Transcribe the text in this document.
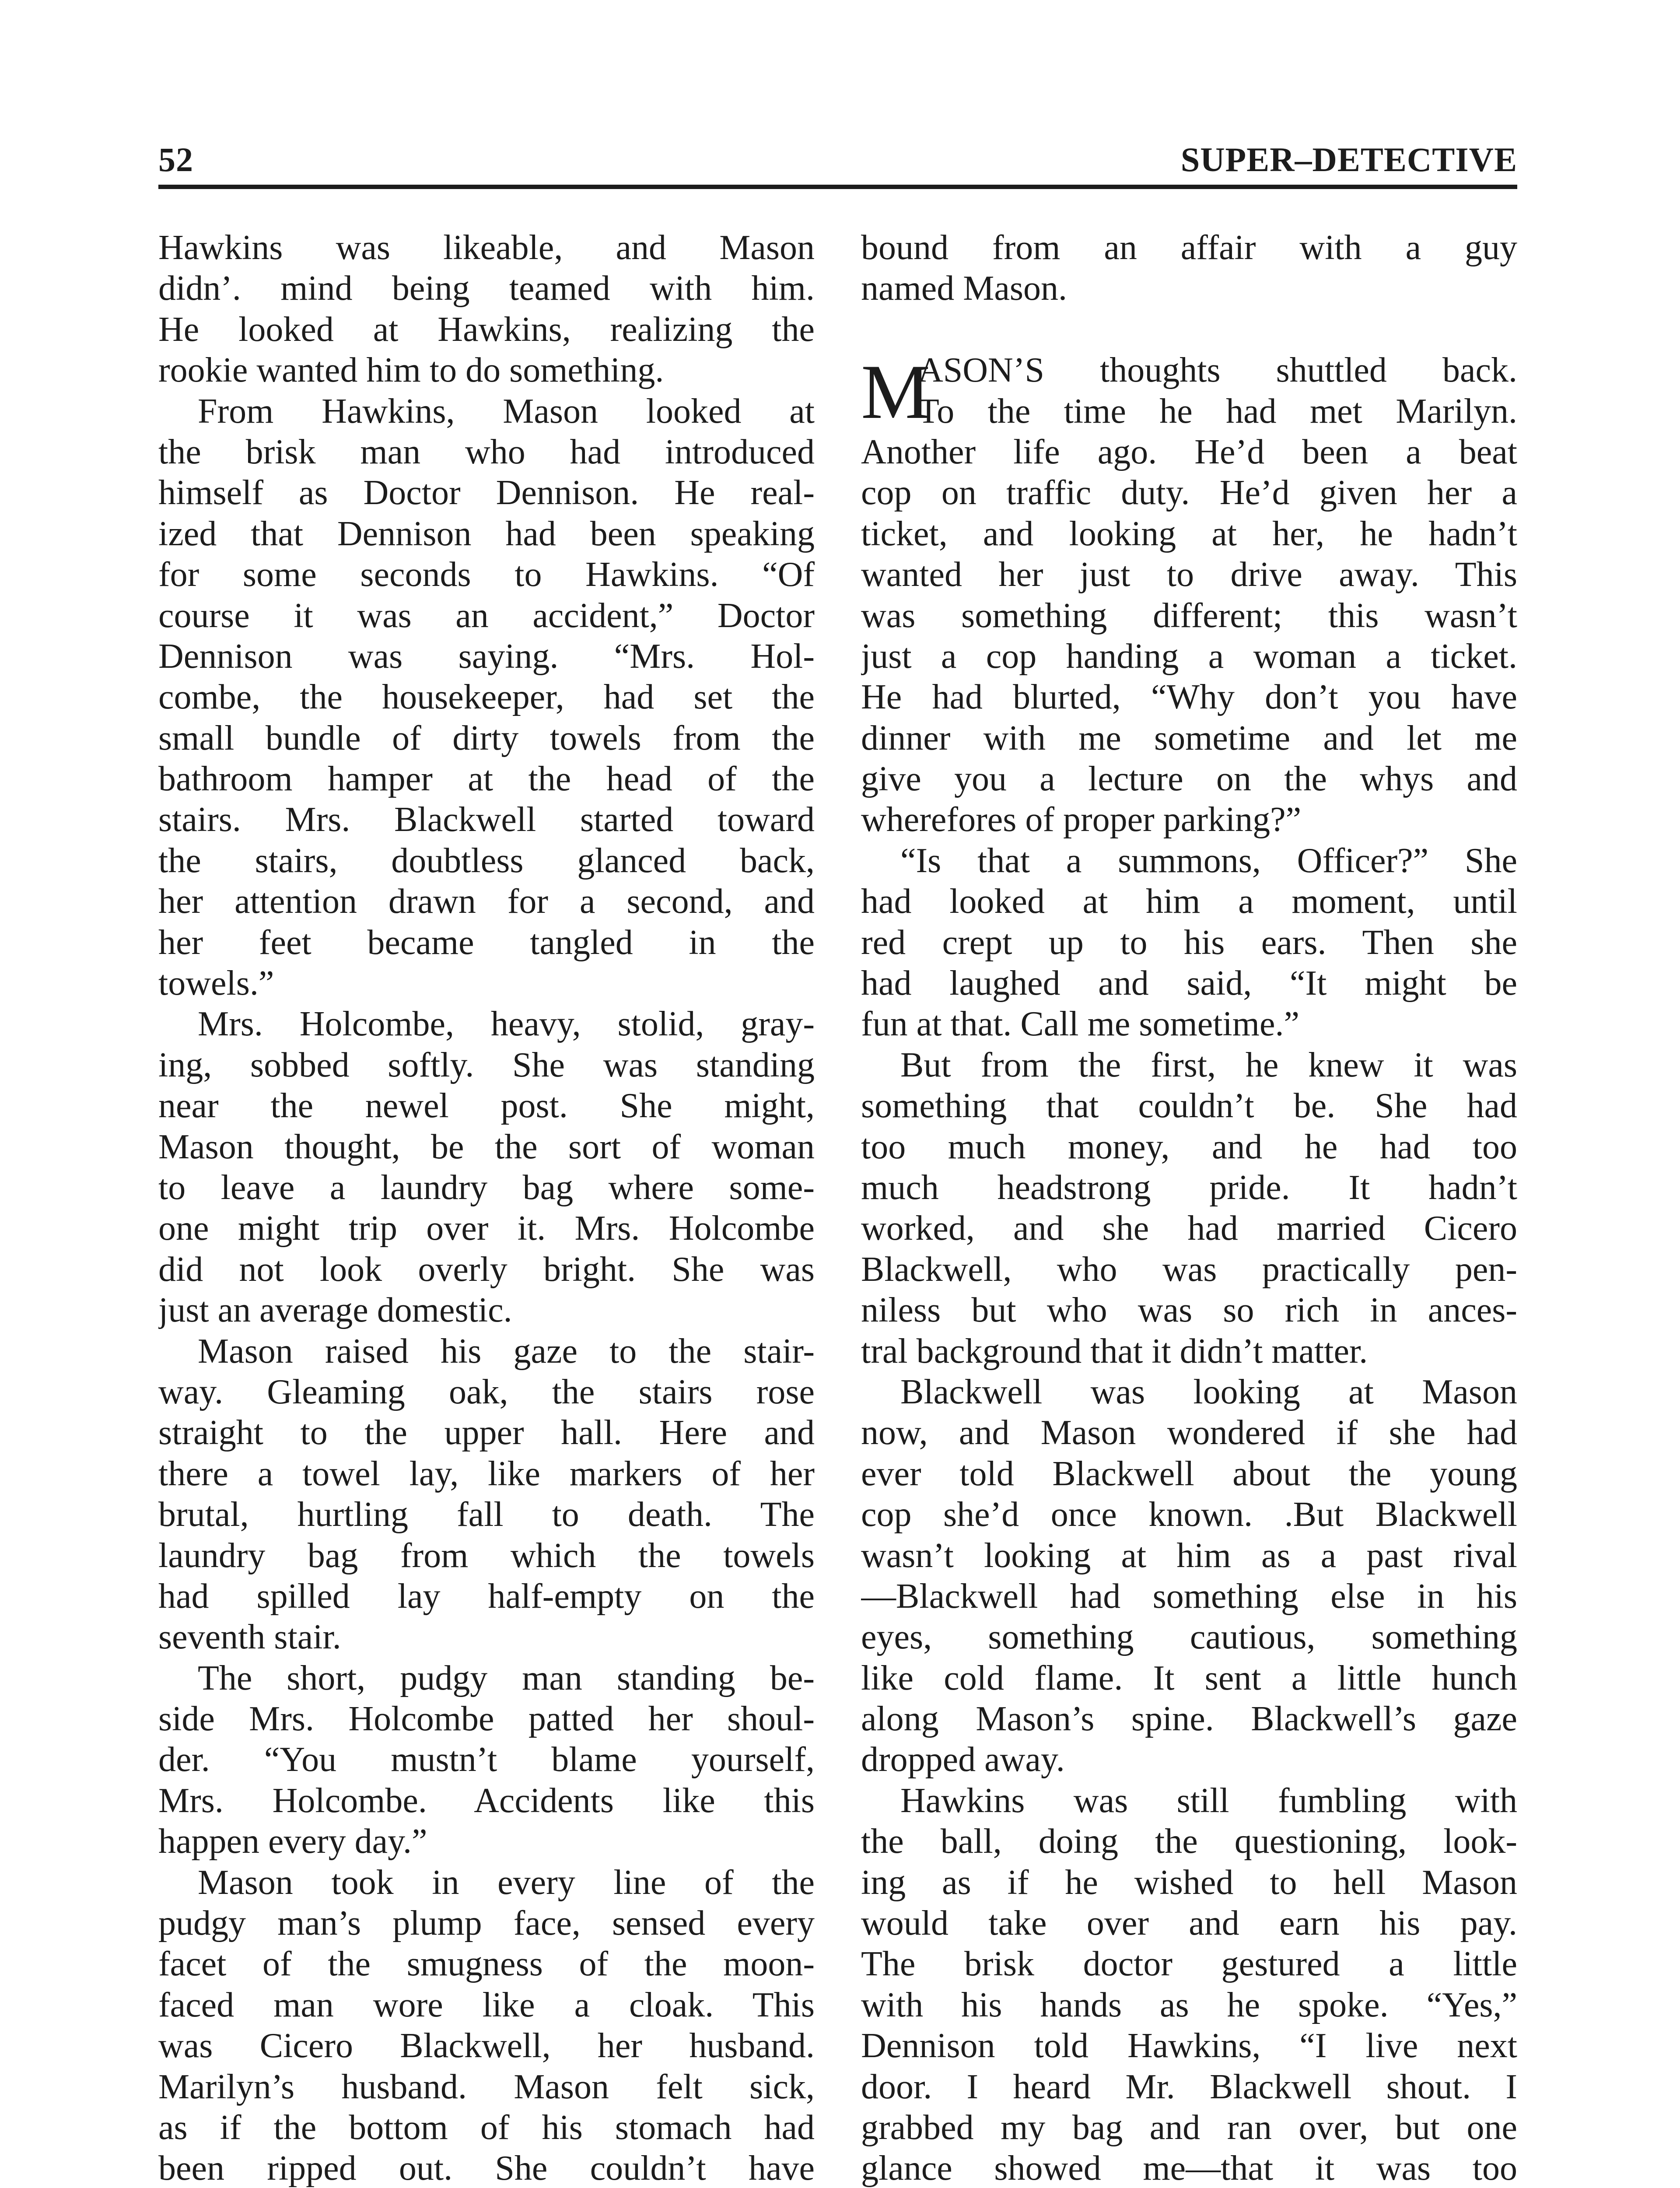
52	SUPER–DETECTIVE
Hawkins was likeable, and Mason
didn’. mind being teamed with him.
He looked at Hawkins, realizing the
rookie wanted him to do something.
From Hawkins, Mason looked at
the brisk man who had introduced
himself as Doctor Dennison. He real-
ized that Dennison had been speaking
for some seconds to Hawkins. “Of
course it was an accident,” Doctor
Dennison was saying. “Mrs. Hol-
combe, the housekeeper, had set the
small bundle of dirty towels from the
bathroom hamper at the head of the
stairs. Mrs. Blackwell started toward
the stairs, doubtless glanced back,
her attention drawn for a second, and
her feet became tangled in the
towels.”
Mrs. Holcombe, heavy, stolid, gray-
ing, sobbed softly. She was standing
near the newel post. She might,
Mason thought, be the sort of woman
to leave a laundry bag where some-
one might trip over it. Mrs. Holcombe
did not look overly bright. She was
just an average domestic.
Mason raised his gaze to the stair-
way. Gleaming oak, the stairs rose
straight to the upper hall. Here and
there a towel lay, like markers of her
brutal, hurtling fall to death. The
laundry bag from which the towels
had spilled lay half-empty on the
seventh stair.
The short, pudgy man standing be-
side Mrs. Holcombe patted her shoul-
der. “You mustn’t blame yourself,
Mrs. Holcombe. Accidents like this
happen every day.”
Mason took in every line of the
pudgy man’s plump face, sensed every
facet of the smugness of the moon-
faced man wore like a cloak. This
was Cicero Blackwell, her husband.
Marilyn’s husband. Mason felt sick,
as if the bottom of his stomach had
been ripped out. She couldn’t have
bound from an affair with a guy
named Mason.
M
ASON’S thoughts shuttled back.
To the time he had met Marilyn.
Another life ago. He’d been a beat
cop on traffic duty. He’d given her a
ticket, and looking at her, he hadn’t
wanted her just to drive away. This
was something different; this wasn’t
just a cop handing a woman a ticket.
He had blurted, “Why don’t you have
dinner with me sometime and let me
give you a lecture on the whys and
wherefores of proper parking?”
“Is that a summons, Officer?” She
had looked at him a moment, until
red crept up to his ears. Then she
had laughed and said, “It might be
fun at that. Call me sometime.”
But from the first, he knew it was
something that couldn’t be. She had
too much money, and he had too
much headstrong pride. It hadn’t
worked, and she had married Cicero
Blackwell, who was practically pen-
niless but who was so rich in ances-
tral background that it didn’t matter.
Blackwell was looking at Mason
now, and Mason wondered if she had
ever told Blackwell about the young
cop she’d once known. .But Blackwell
wasn’t looking at him as a past rival
—Blackwell had something else in his
eyes, something cautious, something
like cold flame. It sent a little hunch
along Mason’s spine. Blackwell’s gaze
dropped away.
Hawkins was still fumbling with
the ball, doing the questioning, look-
ing as if he wished to hell Mason
would take over and earn his pay.
The brisk doctor gestured a little
with his hands as he spoke. “Yes,”
Dennison told Hawkins, “I live next
door. I heard Mr. Blackwell shout. I
grabbed my bag and ran over, but one
glance showed me—that it was too
